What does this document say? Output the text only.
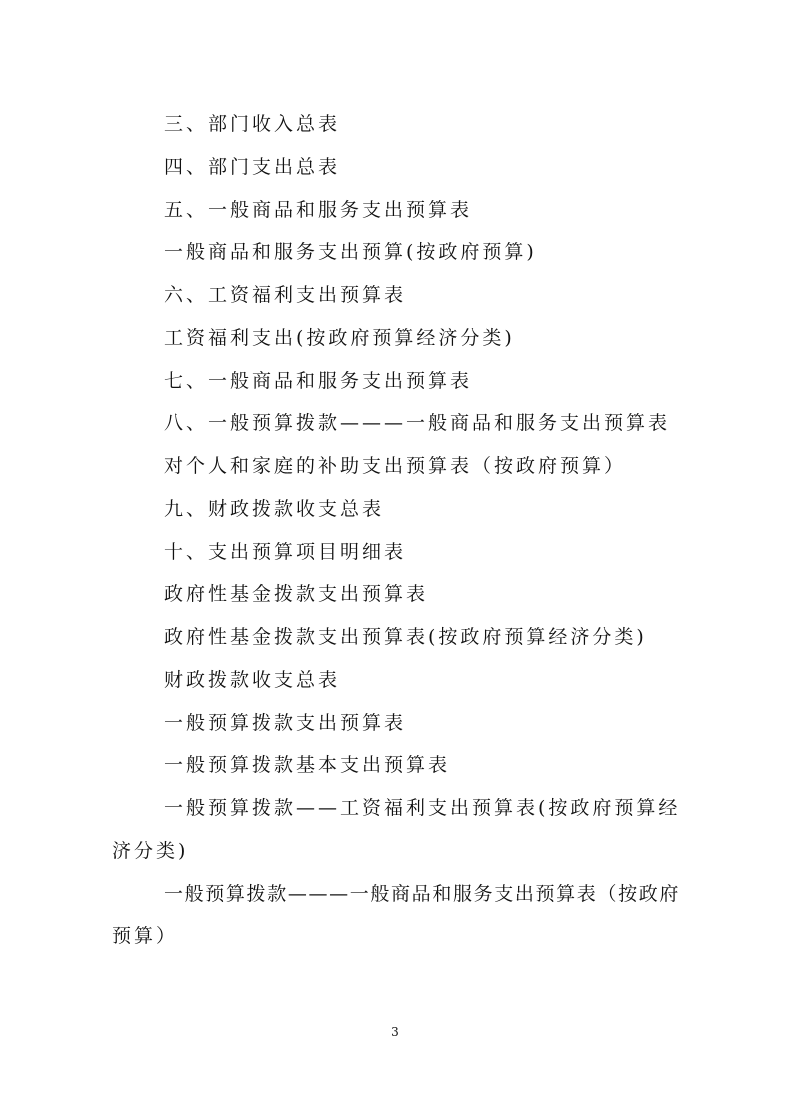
三、部门收入总表
四、部门支出总表
五、一般商品和服务支出预算表
一般商品和服务支出预算(按政府预算)
六、工资福利支出预算表
工资福利支出(按政府预算经济分类)
七、一般商品和服务支出预算表
八、一般预算拨款———一般商品和服务支出预算表
对个人和家庭的补助支出预算表（按政府预算）
九、财政拨款收支总表
十、支出预算项目明细表
政府性基金拨款支出预算表
政府性基金拨款支出预算表(按政府预算经济分类)
财政拨款收支总表
一般预算拨款支出预算表
一般预算拨款基本支出预算表
一般预算拨款——工资福利支出预算表(按政府预算经
济分类)
一般预算拨款———一般商品和服务支出预算表（按政府
预算）
3
